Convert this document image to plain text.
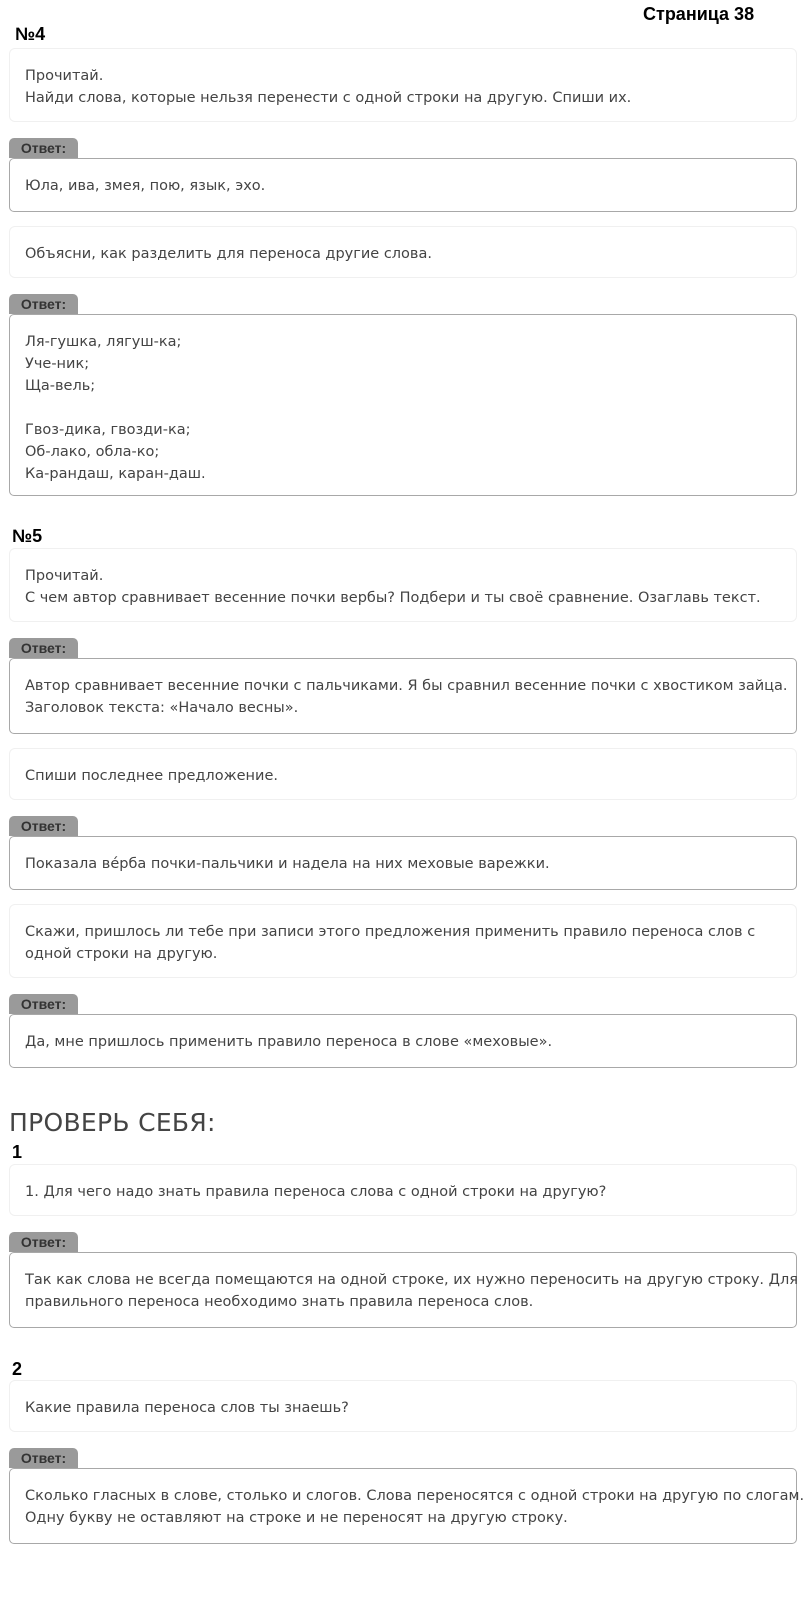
Страница 38
№4
Прочитай.
Найди слова, которые нельзя перенести с одной строки на другую. Спиши их.
Ответ:
Юла, ива, змея, пою, язык, эхо.
Объясни, как разделить для переноса другие слова.
Ответ:
Ля-гушка, лягуш-ка;
Уче-ник;
Ща-вель;
Гвоз-дика, гвозди-ка;
Об-лако, обла-ко;
Ка-рандаш, каран-даш.
№5
Прочитай.
С чем автор сравнивает весенние почки вербы? Подбери и ты своё сравнение. Озаглавь текст.
Ответ:
Автор сравнивает весенние почки с пальчиками. Я бы сравнил весенние почки с хвостиком зайца.
Заголовок текста: «Начало весны».
Спиши последнее предложение.
Ответ:
Показала ве́рба почки-пальчики и надела на них меховые варежки.
Скажи, пришлось ли тебе при записи этого предложения применить правило переноса слов с
одной строки на другую.
Ответ:
Да, мне пришлось применить правило переноса в слове «меховые».
ПРОВЕРЬ СЕБЯ:
1
1. Для чего надо знать правила переноса слова с одной строки на другую?
Ответ:
Так как слова не всегда помещаются на одной строке, их нужно переносить на другую строку. Для
правильного переноса необходимо знать правила переноса слов.
2
Какие правила переноса слов ты знаешь?
Ответ:
Сколько гласных в слове, столько и слогов. Слова переносятся с одной строки на другую по слогам.
Одну букву не оставляют на строке и не переносят на другую строку.
